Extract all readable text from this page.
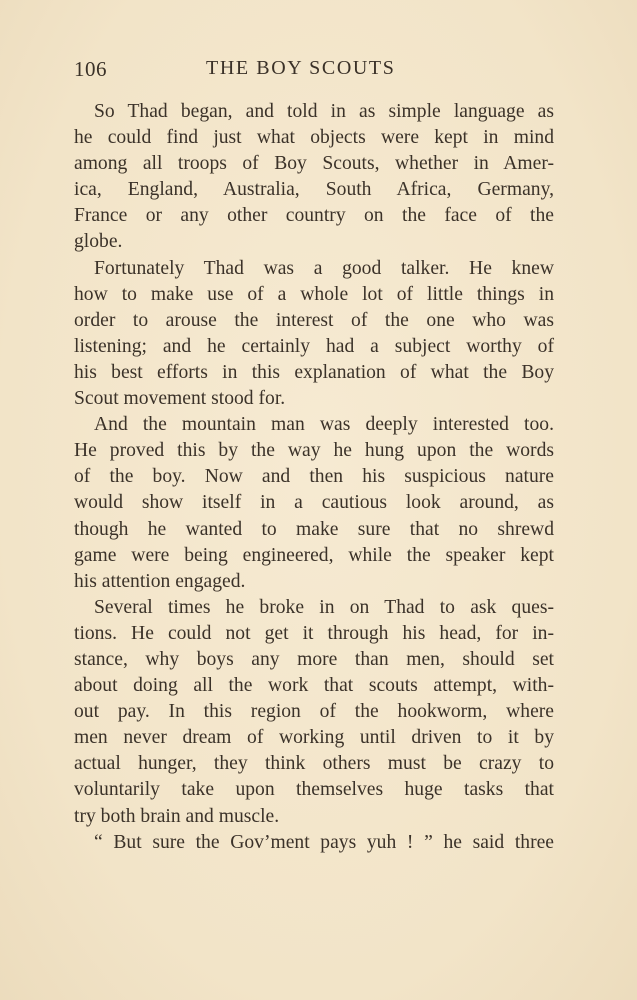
106	THE BOY SCOUTS
So Thad began, and told in as simple language as
he could find just what objects were kept in mind
among all troops of Boy Scouts, whether in Amer-
ica, England, Australia, South Africa, Germany,
France or any other country on the face of the
globe.
Fortunately Thad was a good talker. He knew
how to make use of a whole lot of little things in
order to arouse the interest of the one who was
listening; and he certainly had a subject worthy of
his best efforts in this explanation of what the Boy
Scout movement stood for.
And the mountain man was deeply interested too.
He proved this by the way he hung upon the words
of the boy. Now and then his suspicious nature
would show itself in a cautious look around, as
though he wanted to make sure that no shrewd
game were being engineered, while the speaker kept
his attention engaged.
Several times he broke in on Thad to ask ques-
tions. He could not get it through his head, for in-
stance, why boys any more than men, should set
about doing all the work that scouts attempt, with-
out pay. In this region of the hookworm, where
men never dream of working until driven to it by
actual hunger, they think others must be crazy to
voluntarily take upon themselves huge tasks that
try both brain and muscle.
“ But sure the Gov’ment pays yuh ! ” he said three
